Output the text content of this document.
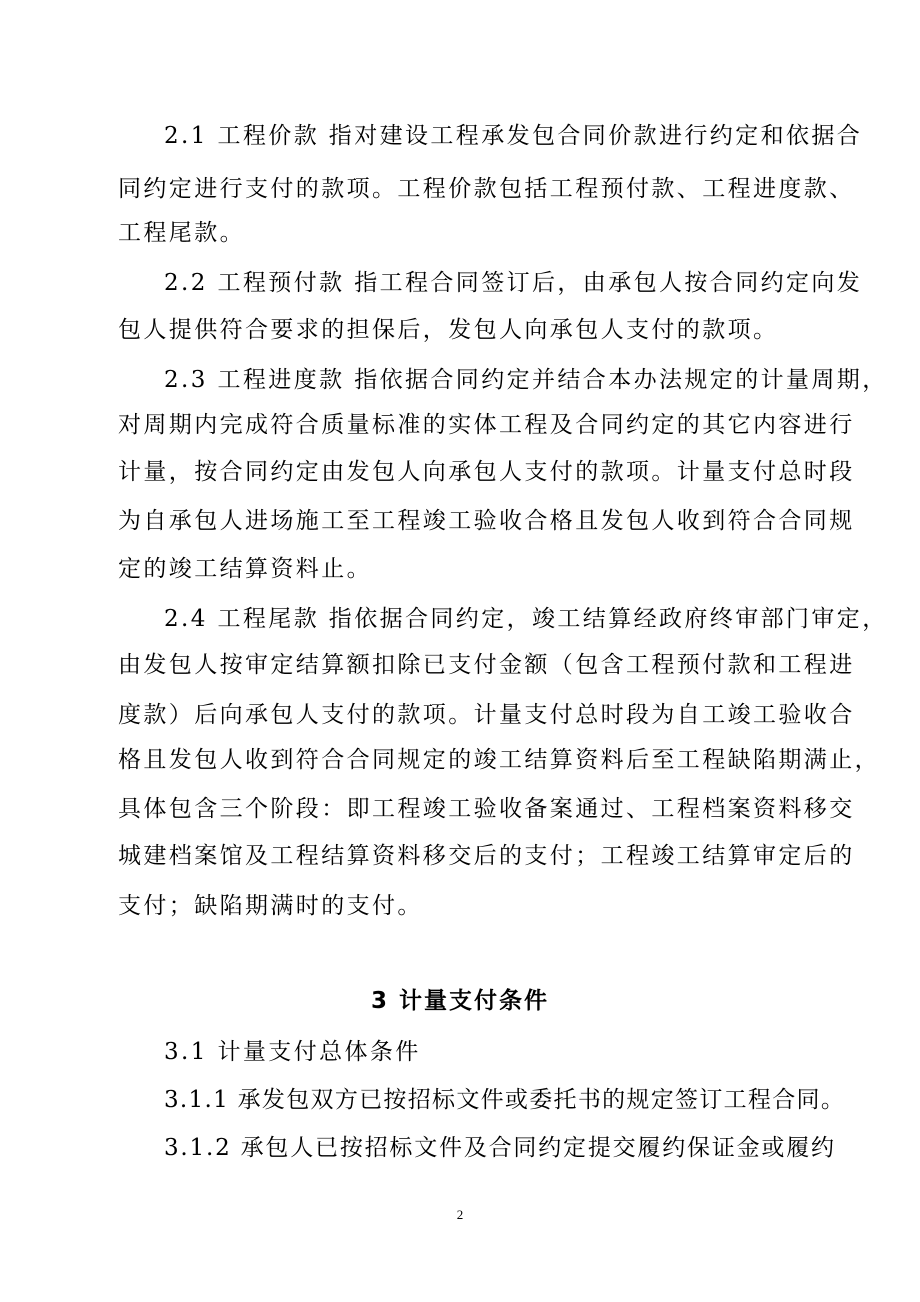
2.1 工程价款 指对建设工程承发包合同价款进行约定和依据合
同约定进行支付的款项。工程价款包括工程预付款、工程进度款、
工程尾款。
2.2 工程预付款 指工程合同签订后，由承包人按合同约定向发
包人提供符合要求的担保后，发包人向承包人支付的款项。
2.3 工程进度款 指依据合同约定并结合本办法规定的计量周期，
对周期内完成符合质量标准的实体工程及合同约定的其它内容进行
计量，按合同约定由发包人向承包人支付的款项。计量支付总时段
为自承包人进场施工至工程竣工验收合格且发包人收到符合合同规
定的竣工结算资料止。
2.4 工程尾款 指依据合同约定，竣工结算经政府终审部门审定，
由发包人按审定结算额扣除已支付金额（包含工程预付款和工程进
度款）后向承包人支付的款项。计量支付总时段为自工竣工验收合
格且发包人收到符合合同规定的竣工结算资料后至工程缺陷期满止，
具体包含三个阶段：即工程竣工验收备案通过、工程档案资料移交
城建档案馆及工程结算资料移交后的支付；工程竣工结算审定后的
支付；缺陷期满时的支付。
3 计量支付条件
3.1 计量支付总体条件
3.1.1 承发包双方已按招标文件或委托书的规定签订工程合同。
3.1.2 承包人已按招标文件及合同约定提交履约保证金或履约
2
